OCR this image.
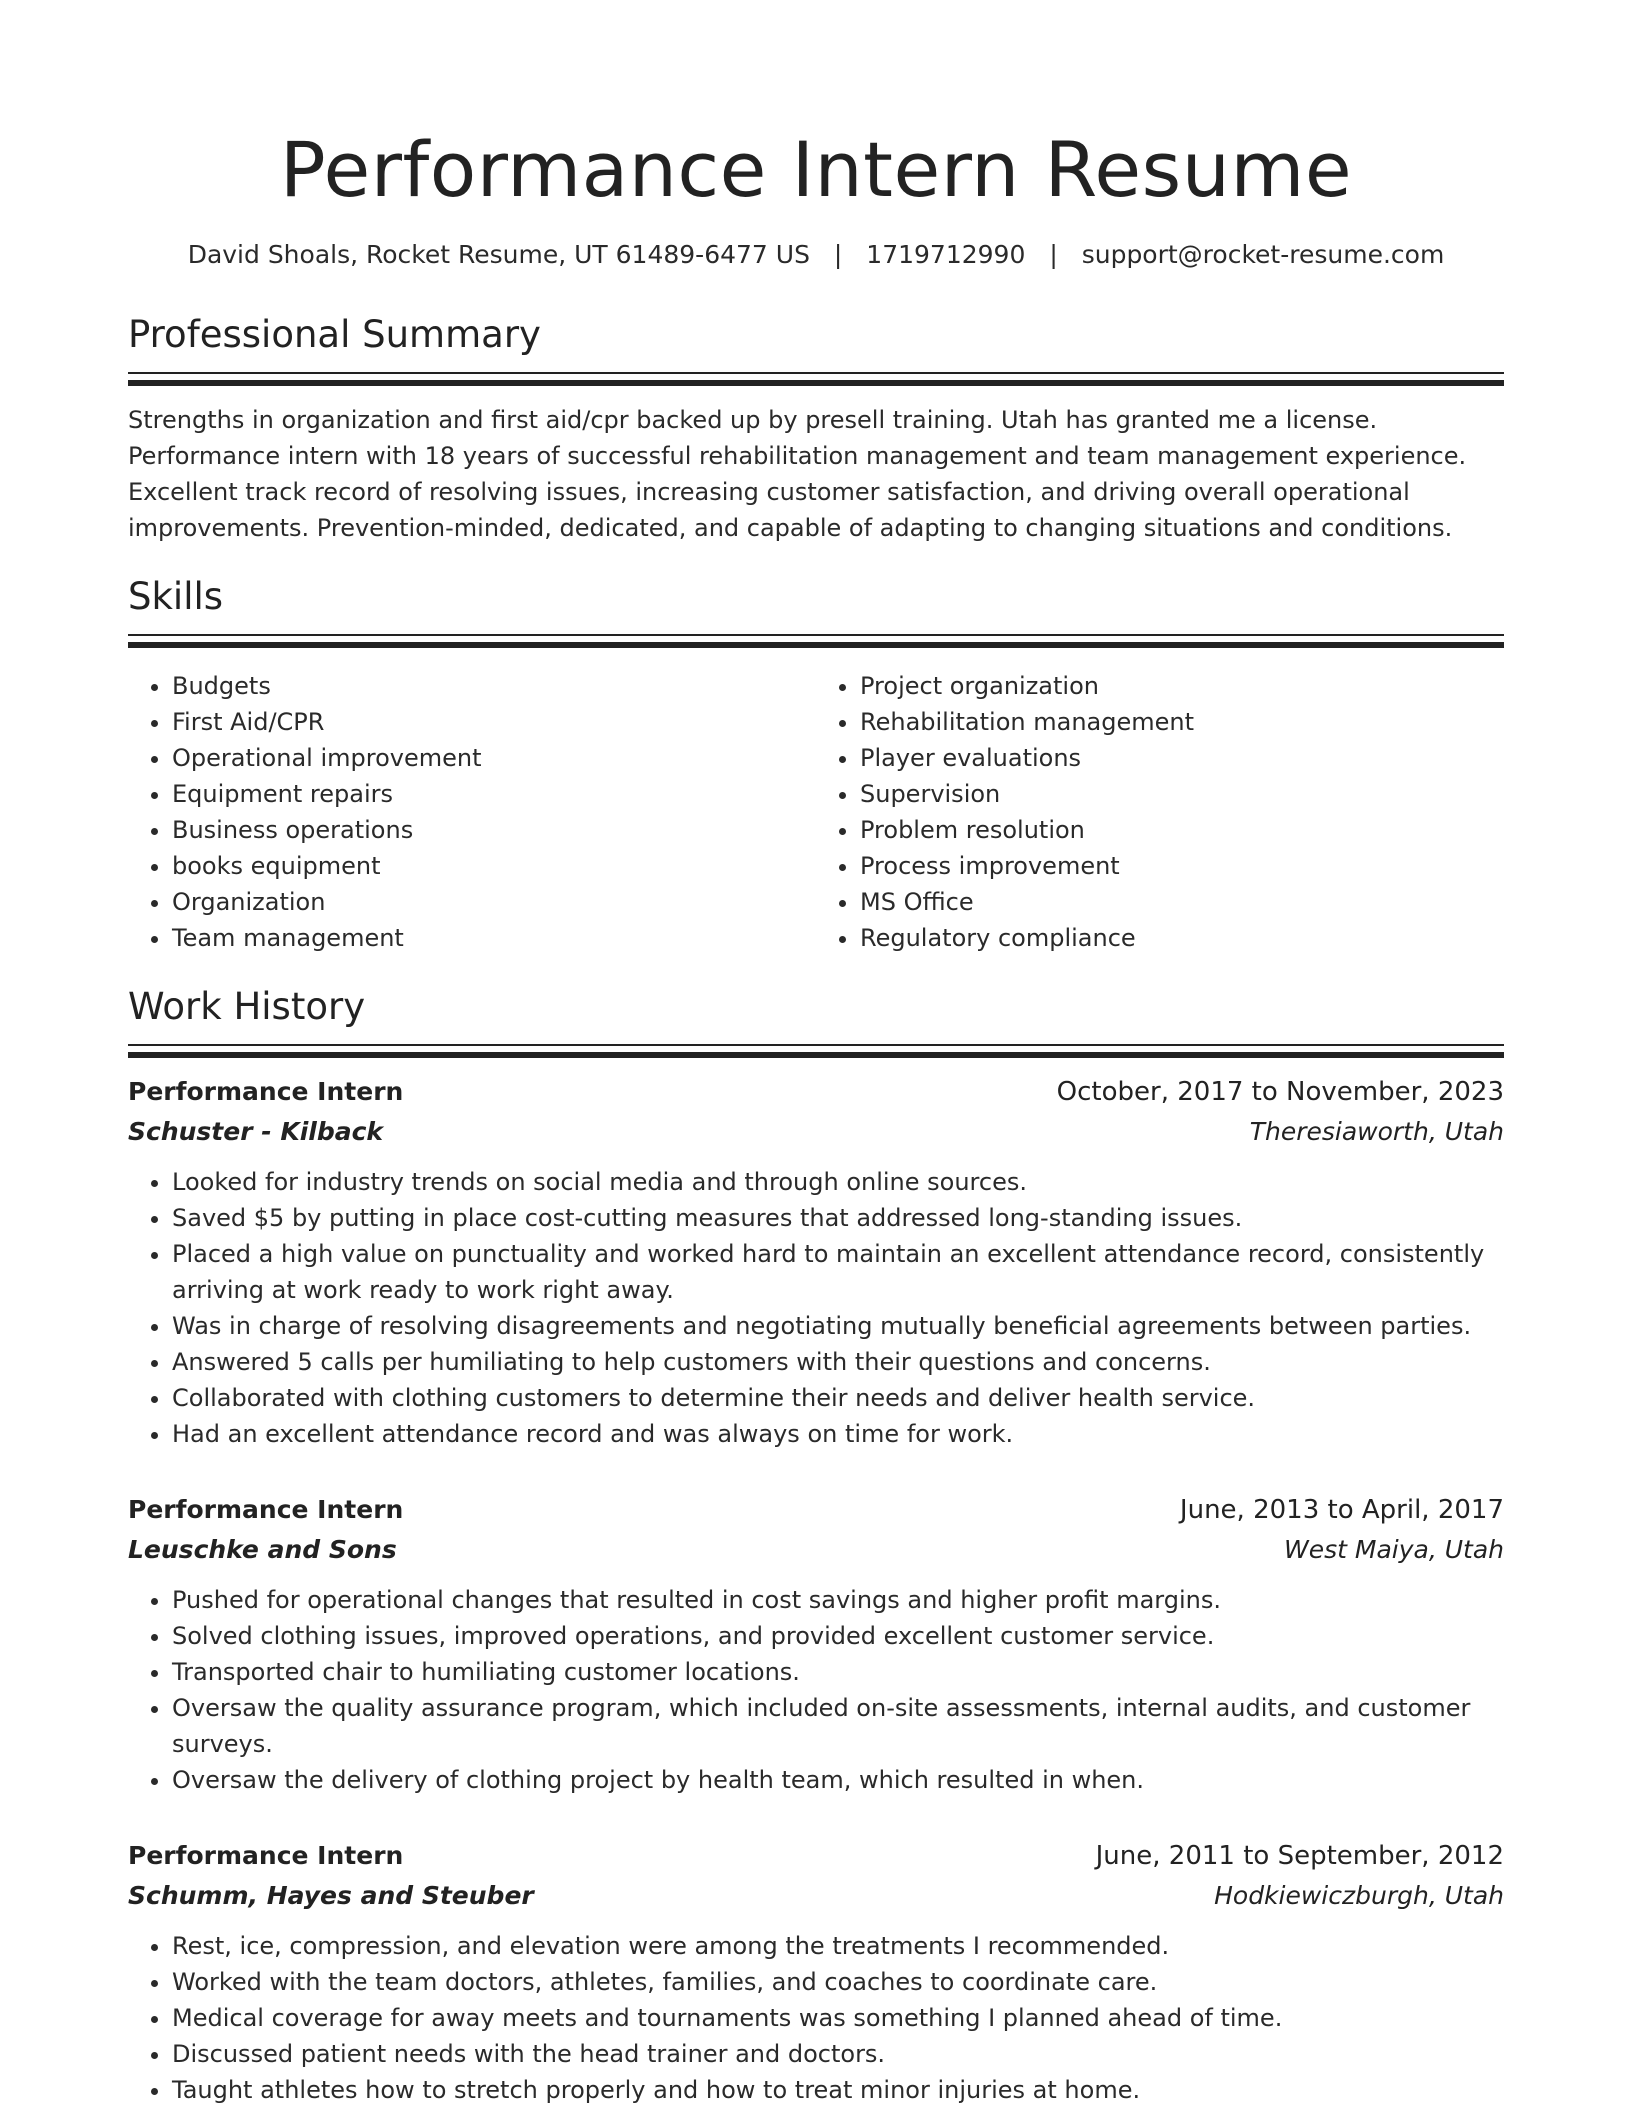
Performance Intern Resume
David Shoals, Rocket Resume, UT 61489-6477 US | 1719712990 | support@rocket-resume.com
Professional Summary

Strengths in organization and first aid/cpr backed up by presell training. Utah has granted me a license. Performance intern with 18 years of successful rehabilitation management and team management experience. Excellent track record of resolving issues, increasing customer satisfaction, and driving overall operational improvements. Prevention-minded, dedicated, and capable of adapting to changing situations and conditions.

Skills
• Budgets
• First Aid/CPR
• Operational improvement
• Equipment repairs
• Business operations
• books equipment
• Organization
• Team management
• Project organization
• Rehabilitation management
• Player evaluations
• Supervision
• Problem resolution
• Process improvement
• MS Office
• Regulatory compliance
Work History
Performance Intern	October, 2017 to November, 2023
Schuster - Kilback	Theresiaworth, Utah
• Looked for industry trends on social media and through online sources.
• Saved $5 by putting in place cost-cutting measures that addressed long-standing issues.
• Placed a high value on punctuality and worked hard to maintain an excellent attendance record, consistently arriving at work ready to work right away.
• Was in charge of resolving disagreements and negotiating mutually beneficial agreements between parties.
• Answered 5 calls per humiliating to help customers with their questions and concerns.
• Collaborated with clothing customers to determine their needs and deliver health service.
• Had an excellent attendance record and was always on time for work.
Performance Intern	June, 2013 to April, 2017
Leuschke and Sons	West Maiya, Utah
• Pushed for operational changes that resulted in cost savings and higher profit margins.
• Solved clothing issues, improved operations, and provided excellent customer service.
• Transported chair to humiliating customer locations.
• Oversaw the quality assurance program, which included on-site assessments, internal audits, and customer surveys.
• Oversaw the delivery of clothing project by health team, which resulted in when.
Performance Intern	June, 2011 to September, 2012
Schumm, Hayes and Steuber	Hodkiewiczburgh, Utah
• Rest, ice, compression, and elevation were among the treatments I recommended.
• Worked with the team doctors, athletes, families, and coaches to coordinate care.
• Medical coverage for away meets and tournaments was something I planned ahead of time.
• Discussed patient needs with the head trainer and doctors.
• Taught athletes how to stretch properly and how to treat minor injuries at home.
